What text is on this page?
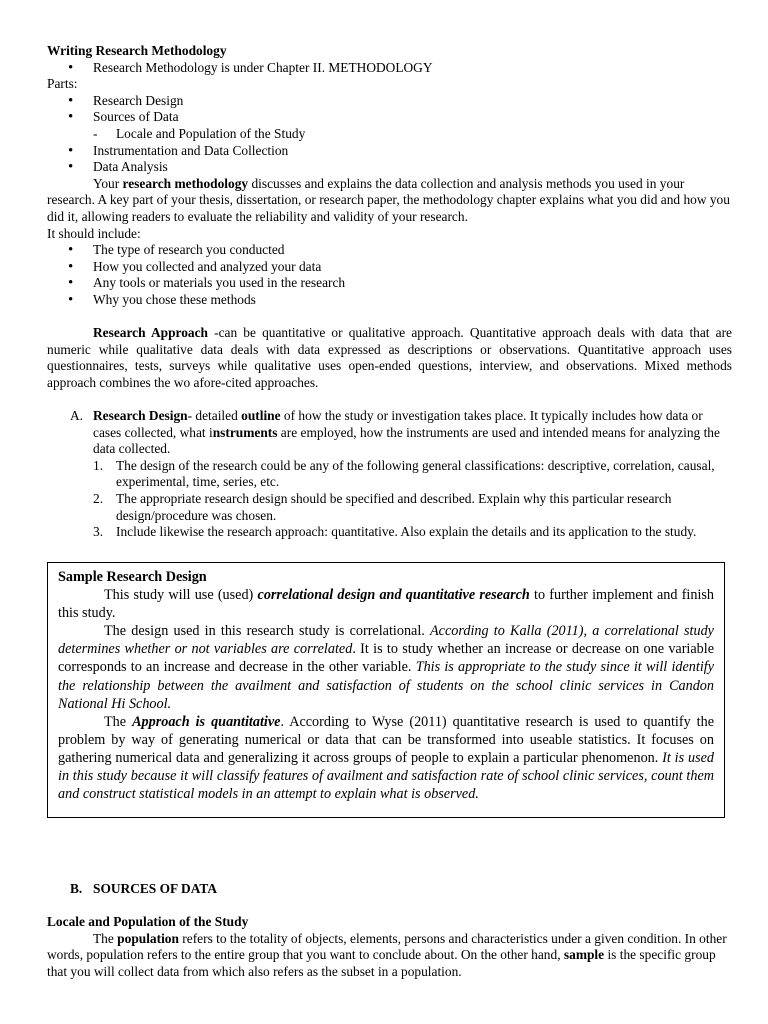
Writing Research Methodology

• Research Methodology is under Chapter II. METHODOLOGY

Parts:

• Research Design
• Sources of Data

- Locale and Population of the Study

• Instrumentation and Data Collection
• Data Analysis

Your research methodology discusses and explains the data collection and analysis methods you used in your research. A key part of your thesis, dissertation, or research paper, the methodology chapter explains what you did and how you did it, allowing readers to evaluate the reliability and validity of your research.

It should include:

• The type of research you conducted
• How you collected and analyzed your data
• Any tools or materials you used in the research
• Why you chose these methods

Research Approach -can be quantitative or qualitative approach. Quantitative approach deals with data that are numeric while qualitative data deals with data expressed as descriptions or observations. Quantitative approach uses questionnaires, tests, surveys while qualitative uses open-ended questions, interview, and observations. Mixed methods approach combines the wo afore-cited approaches.

A. Research Design- detailed outline of how the study or investigation takes place. It typically includes how data or cases collected, what instruments are employed, how the instruments are used and intended means for analyzing the data collected.

1. The design of the research could be any of the following general classifications: descriptive, correlation, causal, experimental, time, series, etc.
2. The appropriate research design should be specified and described. Explain why this particular research design/procedure was chosen.
3. Include likewise the research approach: quantitative. Also explain the details and its application to the study.

Sample Research Design

This study will use (used) correlational design and quantitative research to further implement and finish this study.

The design used in this research study is correlational. According to Kalla (2011), a correlational study determines whether or not variables are correlated. It is to study whether an increase or decrease on one variable corresponds to an increase and decrease in the other variable. This is appropriate to the study since it will identify the relationship between the availment and satisfaction of students on the school clinic services in Candon National Hi School.

The Approach is quantitative. According to Wyse (2011) quantitative research is used to quantify the problem by way of generating numerical or data that can be transformed into useable statistics. It focuses on gathering numerical data and generalizing it across groups of people to explain a particular phenomenon. It is used in this study because it will classify features of availment and satisfaction rate of school clinic services, count them and construct statistical models in an attempt to explain what is observed.

B. SOURCES OF DATA

Locale and Population of the Study

The population refers to the totality of objects, elements, persons and characteristics under a given condition. In other words, population refers to the entire group that you want to conclude about. On the other hand, sample is the specific group that you will collect data from which also refers as the subset in a population.
